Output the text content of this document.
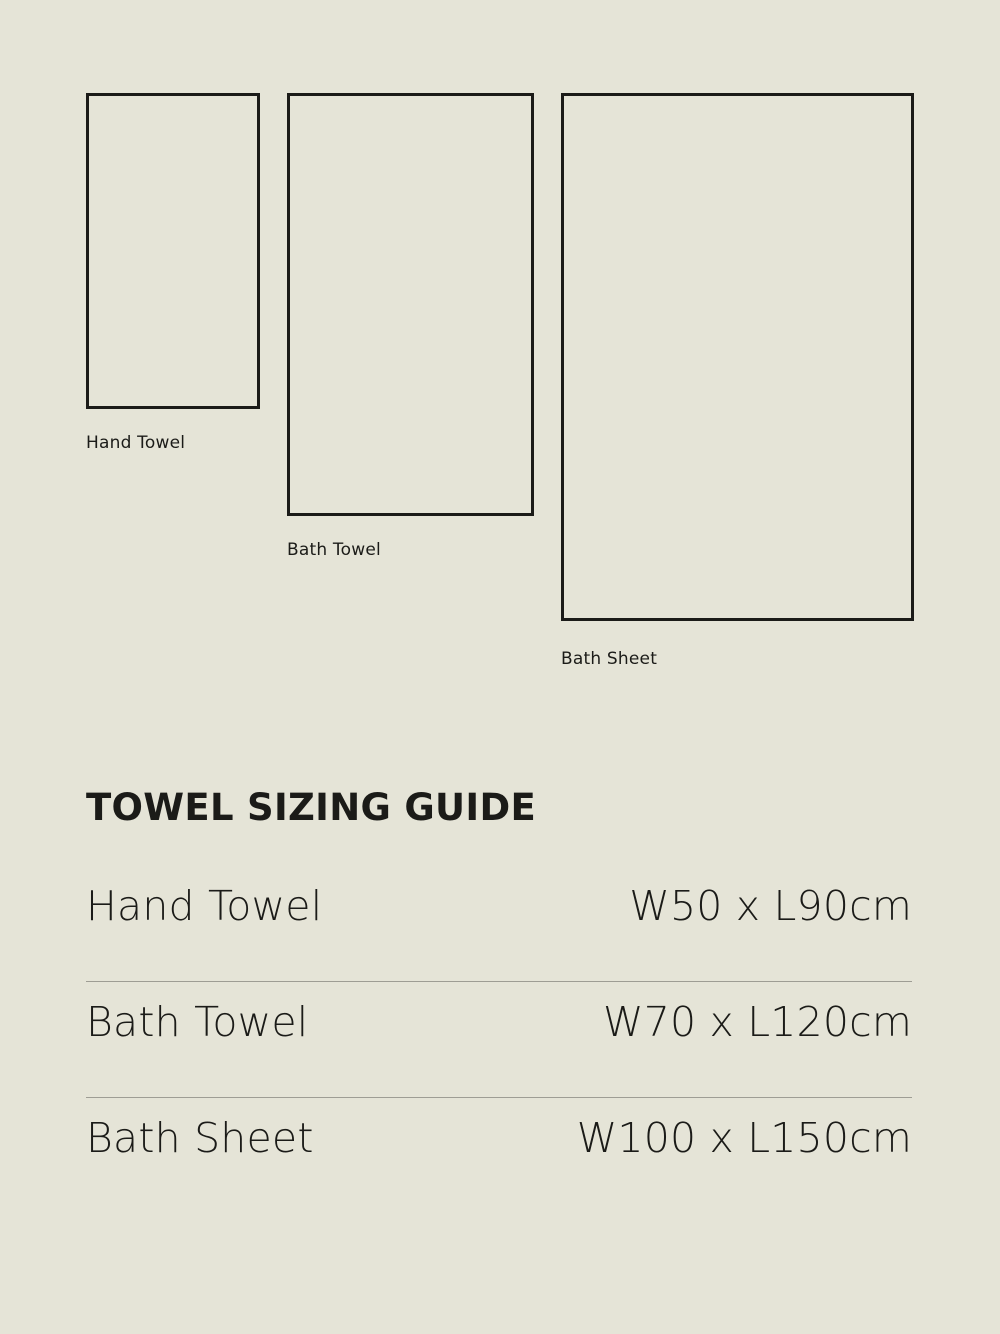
Hand Towel
Bath Towel
Bath Sheet
TOWEL SIZING GUIDE
Hand Towel	W50 x L90cm
Bath Towel	W70 x L120cm
Bath Sheet	W100 x L150cm
